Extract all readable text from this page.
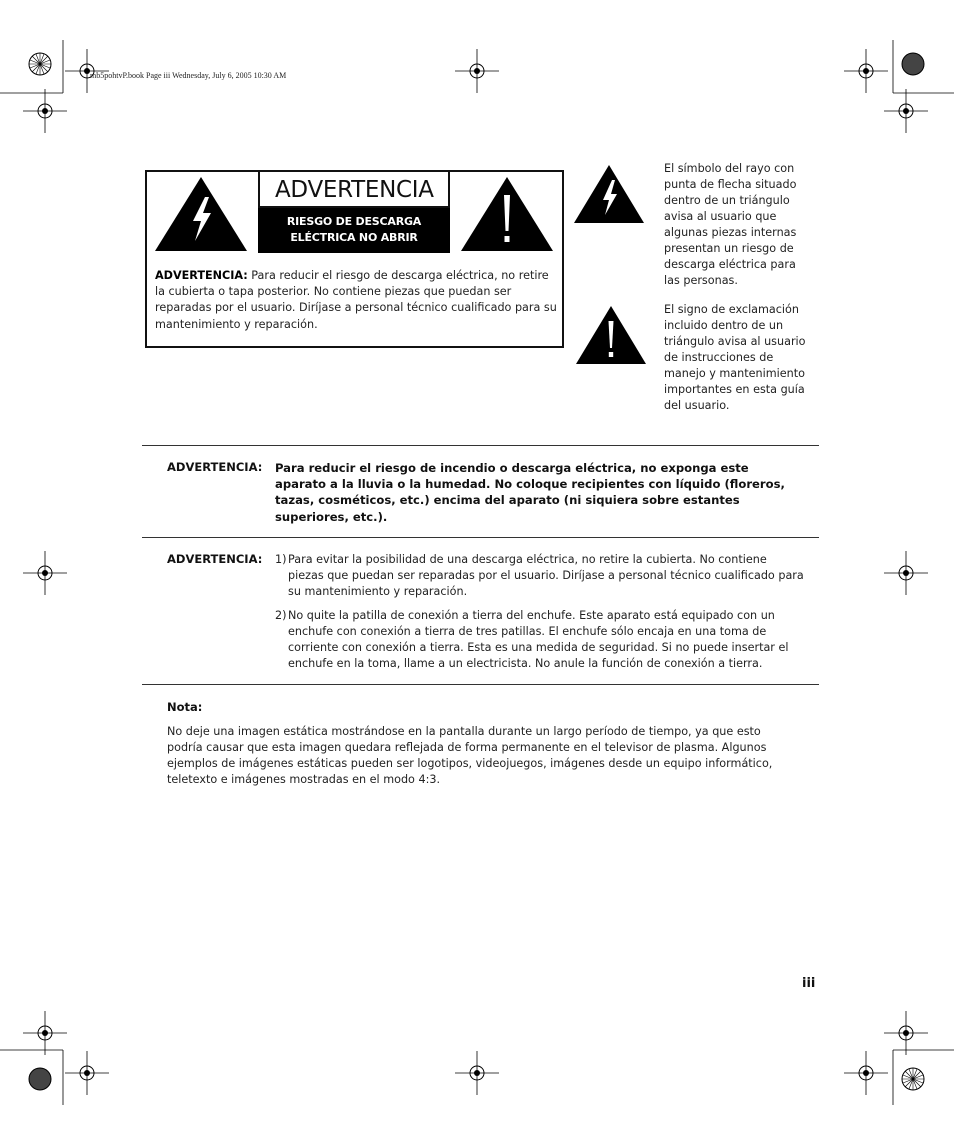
mb5pohtvP.book Page iii Wednesday, July 6, 2005 10:30 AM
ADVERTENCIA
RIESGO DE DESCARGA
ELÉCTRICA NO ABRIR
ADVERTENCIA: Para reducir el riesgo de descarga eléctrica, no retire la cubierta o tapa posterior. No contiene piezas que puedan ser reparadas por el usuario. Diríjase a personal técnico cualificado para su mantenimiento y reparación.
El símbolo del rayo con punta de flecha situado dentro de un triángulo avisa al usuario que algunas piezas internas presentan un riesgo de descarga eléctrica para las personas.
El signo de exclamación incluido dentro de un triángulo avisa al usuario de instrucciones de manejo y mantenimiento importantes en esta guía del usuario.
ADVERTENCIA: Para reducir el riesgo de incendio o descarga eléctrica, no exponga este aparato a la lluvia o la humedad. No coloque recipientes con líquido (floreros, tazas, cosméticos, etc.) encima del aparato (ni siquiera sobre estantes superiores, etc.).
ADVERTENCIA: 1) Para evitar la posibilidad de una descarga eléctrica, no retire la cubierta. No contiene piezas que puedan ser reparadas por el usuario. Diríjase a personal técnico cualificado para su mantenimiento y reparación.
2) No quite la patilla de conexión a tierra del enchufe. Este aparato está equipado con un enchufe con conexión a tierra de tres patillas. El enchufe sólo encaja en una toma de corriente con conexión a tierra. Esta es una medida de seguridad. Si no puede insertar el enchufe en la toma, llame a un electricista. No anule la función de conexión a tierra.
Nota:
No deje una imagen estática mostrándose en la pantalla durante un largo período de tiempo, ya que esto podría causar que esta imagen quedara reflejada de forma permanente en el televisor de plasma. Algunos ejemplos de imágenes estáticas pueden ser logotipos, videojuegos, imágenes desde un equipo informático, teletexto e imágenes mostradas en el modo 4:3.
iii
